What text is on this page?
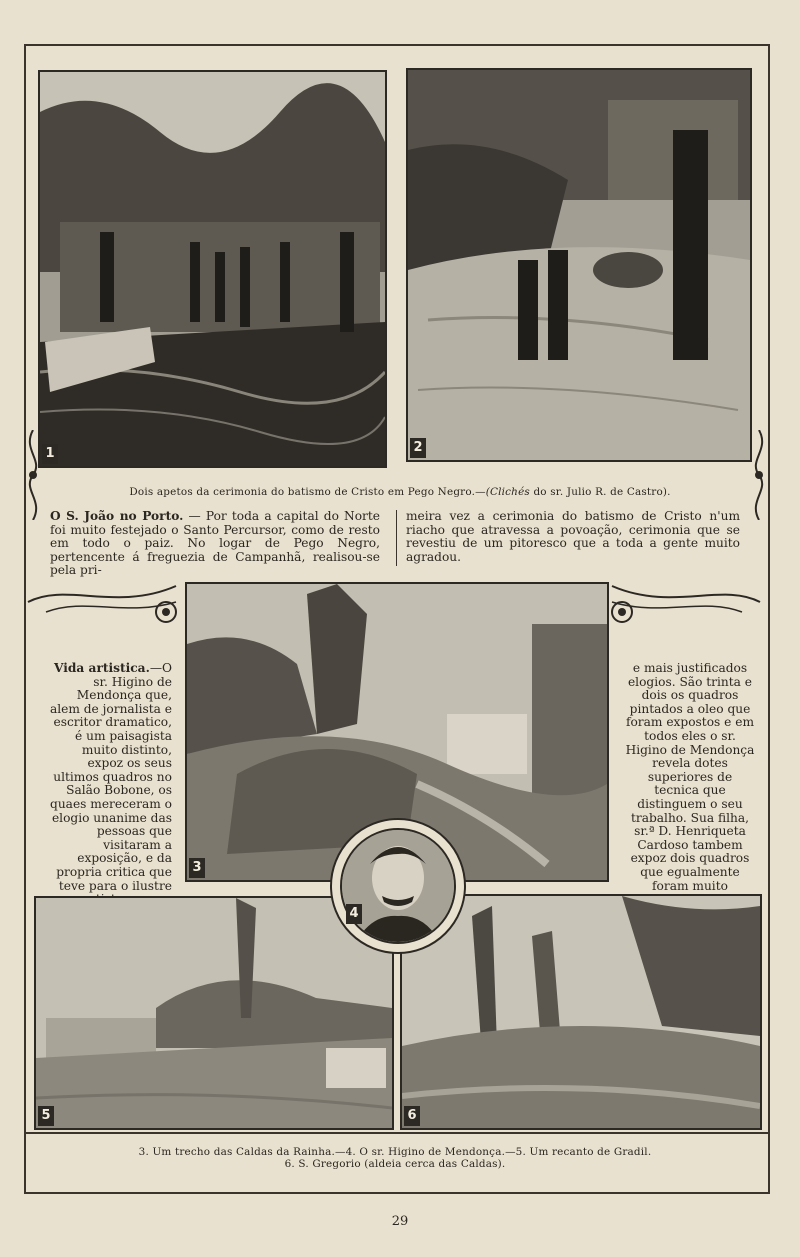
1	2
Dois apetos da cerimonia do batismo de Cristo em Pego Negro.—(Clichés do sr. Julio R. de Castro).
O S. João no Porto. — Por toda a capital do Norte foi muito festejado o Santo Percursor, como de resto em todo o paiz. No logar de Pego Negro, pertencente á freguezia de Campanhã, realisou-se pela pri-
meira vez a cerimonia do batismo de Cristo n'um riacho que atravessa a povoação, cerimonia que se revestiu de um pitoresco que a toda a gente muito agradou.
3
Vida artistica.—O sr. Higino de Mendonça que, alem de jornalista e escritor dramatico, é um paisagista muito distinto, expoz os seus ultimos quadros no Salão Bobone, os quaes mereceram o elogio unanime das pessoas que visitaram a exposição, e da propria critica que teve para o ilustre
e mais justificados elogios. São trinta e dois os quadros pintados a oleo que foram expostos e em todos eles o sr. Higino de Mendonça revela dotes superiores de tecnica que distinguem o seu trabalho. Sua filha, sr.ª D. Henriqueta Cardoso tambem expoz dois quadros que egualmente foram muito
5	6
4
3. Um trecho das Caldas da Rainha.—4. O sr. Higino de Mendonça.—5. Um recanto de Gradil.
6. S. Gregorio (aldeia cerca das Caldas).
29
